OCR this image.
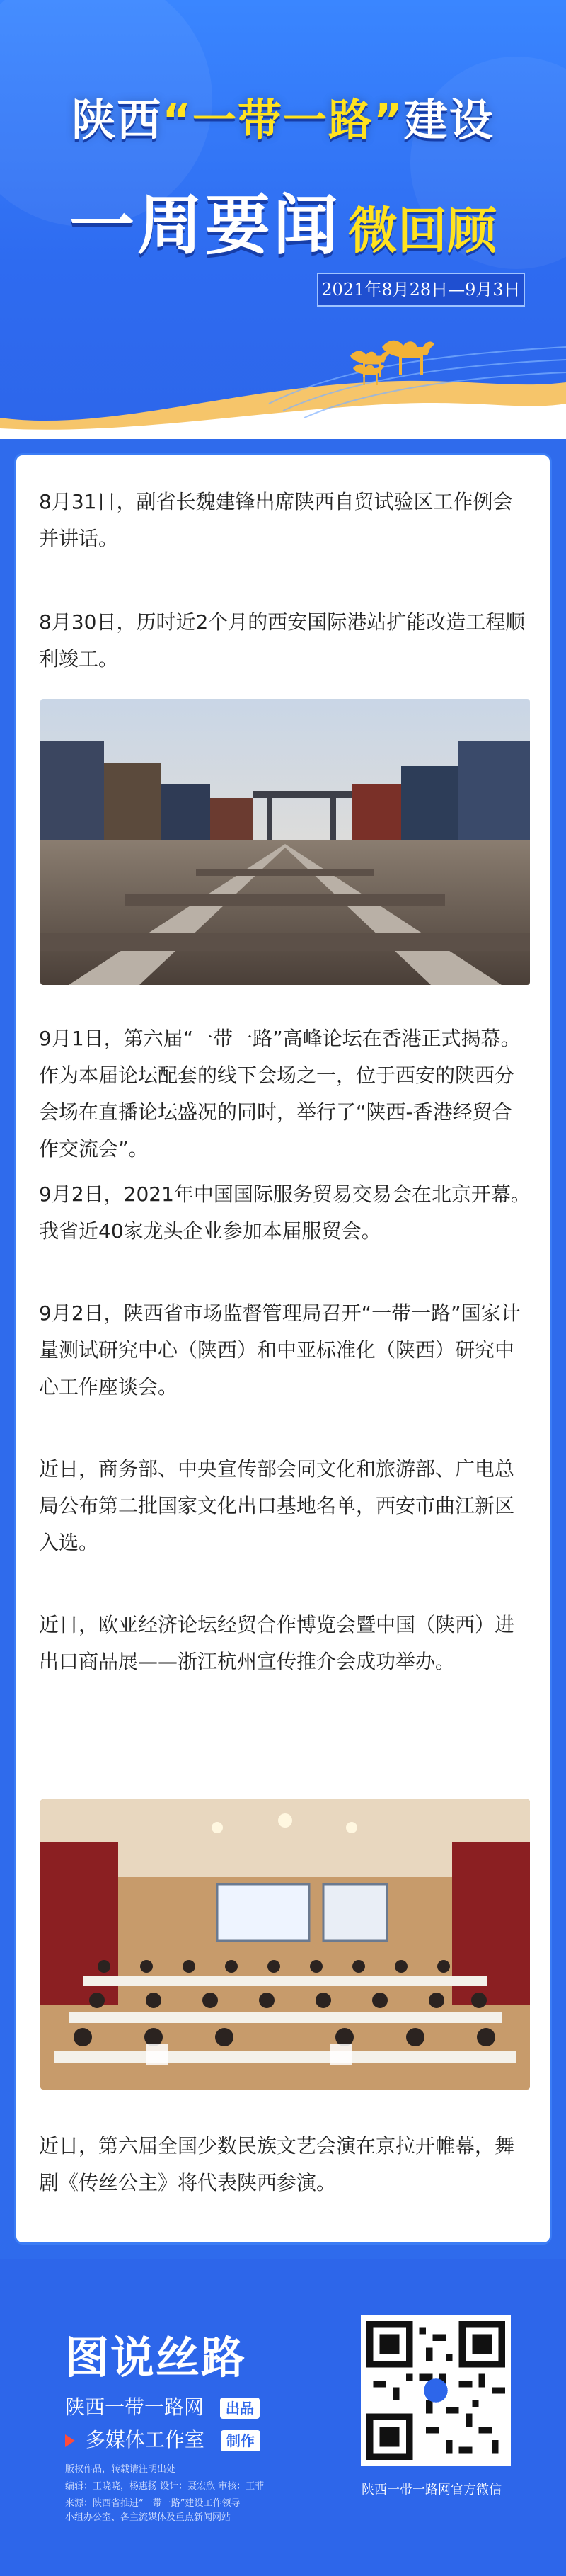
陕西“一带一路”建设
一周要闻 微回顾
2021年8月28日—9月3日

8月31日，副省长魏建锋出席陕西自贸试验区工作例会并讲话。

8月30日，历时近2个月的西安国际港站扩能改造工程顺利竣工。

9月1日，第六届“一带一路”高峰论坛在香港正式揭幕。作为本届论坛配套的线下会场之一，位于西安的陕西分会场在直播论坛盛况的同时，举行了“陕西-香港经贸合作交流会”。

9月2日，2021年中国国际服务贸易交易会在北京开幕。我省近40家龙头企业参加本届服贸会。

9月2日，陕西省市场监督管理局召开“一带一路”国家计量测试研究中心（陕西）和中亚标准化（陕西）研究中心工作座谈会。

近日，商务部、中央宣传部会同文化和旅游部、广电总局公布第二批国家文化出口基地名单，西安市曲江新区入选。

近日，欧亚经济论坛经贸合作博览会暨中国（陕西）进出口商品展——浙江杭州宣传推介会成功举办。

近日，第六届全国少数民族文艺会演在京拉开帷幕，舞剧《传丝公主》将代表陕西参演。

图说丝路
陕西一带一路网 出品
多媒体工作室 制作
版权作品，转载请注明出处
编辑：王晓晓，杨惠扬 设计：聂宏欣 审核：王菲
来源：陕西省推进“一带一路”建设工作领导
小组办公室、各主流媒体及重点新闻网站
陕西一带一路网官方微信
